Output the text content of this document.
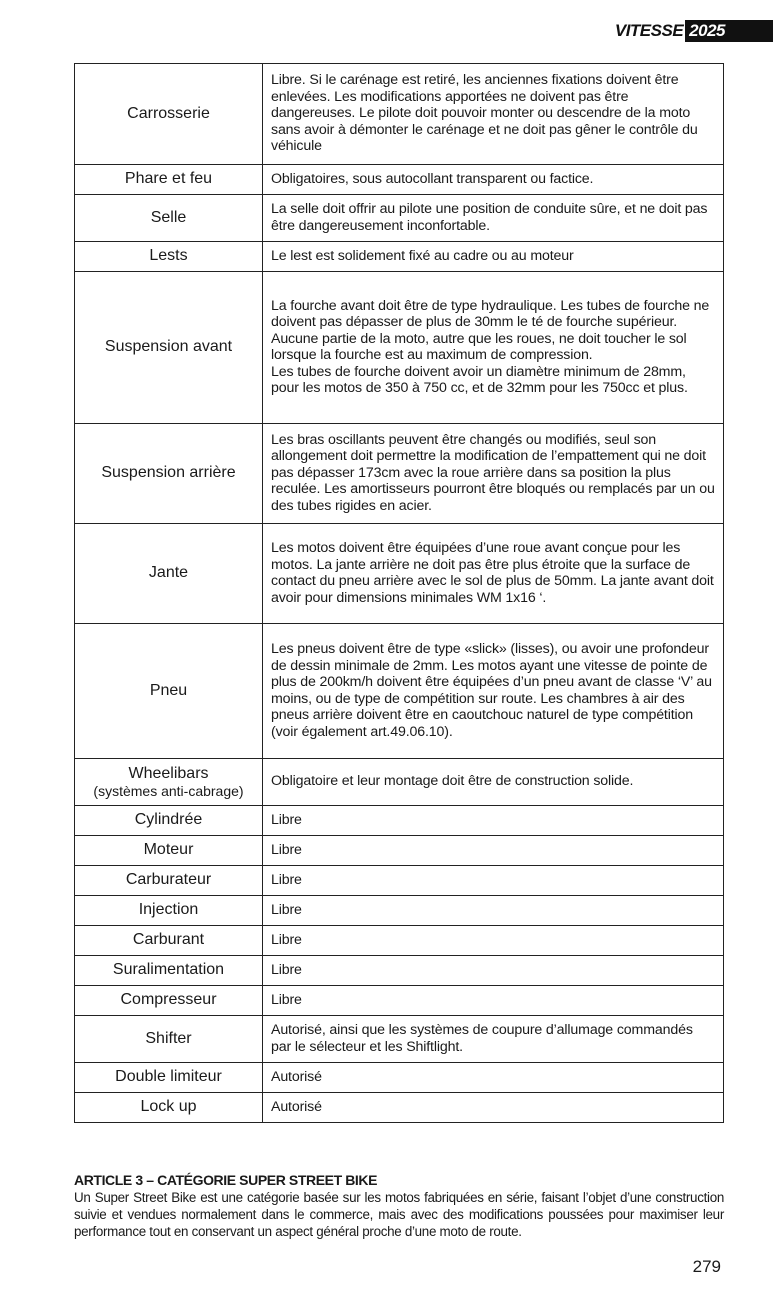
VITESSE 2025
Carrosserie	Libre. Si le carénage est retiré, les anciennes fixations doivent être enlevées. Les modifications apportées ne doivent pas être dangereuses. Le pilote doit pouvoir monter ou descendre de la moto sans avoir à démonter le carénage et ne doit pas gêner le contrôle du véhicule
Phare et feu	Obligatoires, sous autocollant transparent ou factice.
Selle	La selle doit offrir au pilote une position de conduite sûre, et ne doit pas être dangereusement inconfortable.
Lests	Le lest est solidement fixé au cadre ou au moteur
Suspension avant	La fourche avant doit être de type hydraulique. Les tubes de fourche ne doivent pas dépasser de plus de 30mm le té de fourche supérieur. Aucune partie de la moto, autre que les roues, ne doit toucher le sol lorsque la fourche est au maximum de compression.
Les tubes de fourche doivent avoir un diamètre minimum de 28mm, pour les motos de 350 à 750 cc, et de 32mm pour les 750cc et plus.
Suspension arrière	Les bras oscillants peuvent être changés ou modifiés, seul son allongement doit permettre la modification de l’empattement qui ne doit pas dépasser 173cm avec la roue arrière dans sa position la plus reculée. Les amortisseurs pourront être bloqués ou remplacés par un ou des tubes rigides en acier.
Jante	Les motos doivent être équipées d’une roue avant conçue pour les motos. La jante arrière ne doit pas être plus étroite que la surface de contact du pneu arrière avec le sol de plus de 50mm. La jante avant doit avoir pour dimensions minimales WM 1x16 ‘.
Pneu	Les pneus doivent être de type «slick» (lisses), ou avoir une profondeur de dessin minimale de 2mm. Les motos ayant une vitesse de pointe de plus de 200km/h doivent être équipées d’un pneu avant de classe ‘V’ au moins, ou de type de compétition sur route. Les chambres à air des pneus arrière doivent être en caoutchouc naturel de type compétition (voir également art.49.06.10).

Wheelibars
(systèmes anti-cabrage)	Obligatoire et leur montage doit être de construction solide.
Cylindrée	Libre
Moteur	Libre
Carburateur	Libre
Injection	Libre
Carburant	Libre
Suralimentation	Libre
Compresseur	Libre
Shifter	Autorisé, ainsi que les systèmes de coupure d’allumage commandés par le sélecteur et les Shiftlight.
Double limiteur	Autorisé
Lock up	Autorisé
ARTICLE 3 – CATÉGORIE SUPER STREET BIKE
Un Super Street Bike est une catégorie basée sur les motos fabriquées en série, faisant l’objet d’une construction suivie et vendues normalement dans le commerce, mais avec des modifications poussées pour maximiser leur performance tout en conservant un aspect général proche d’une moto de route.
279
